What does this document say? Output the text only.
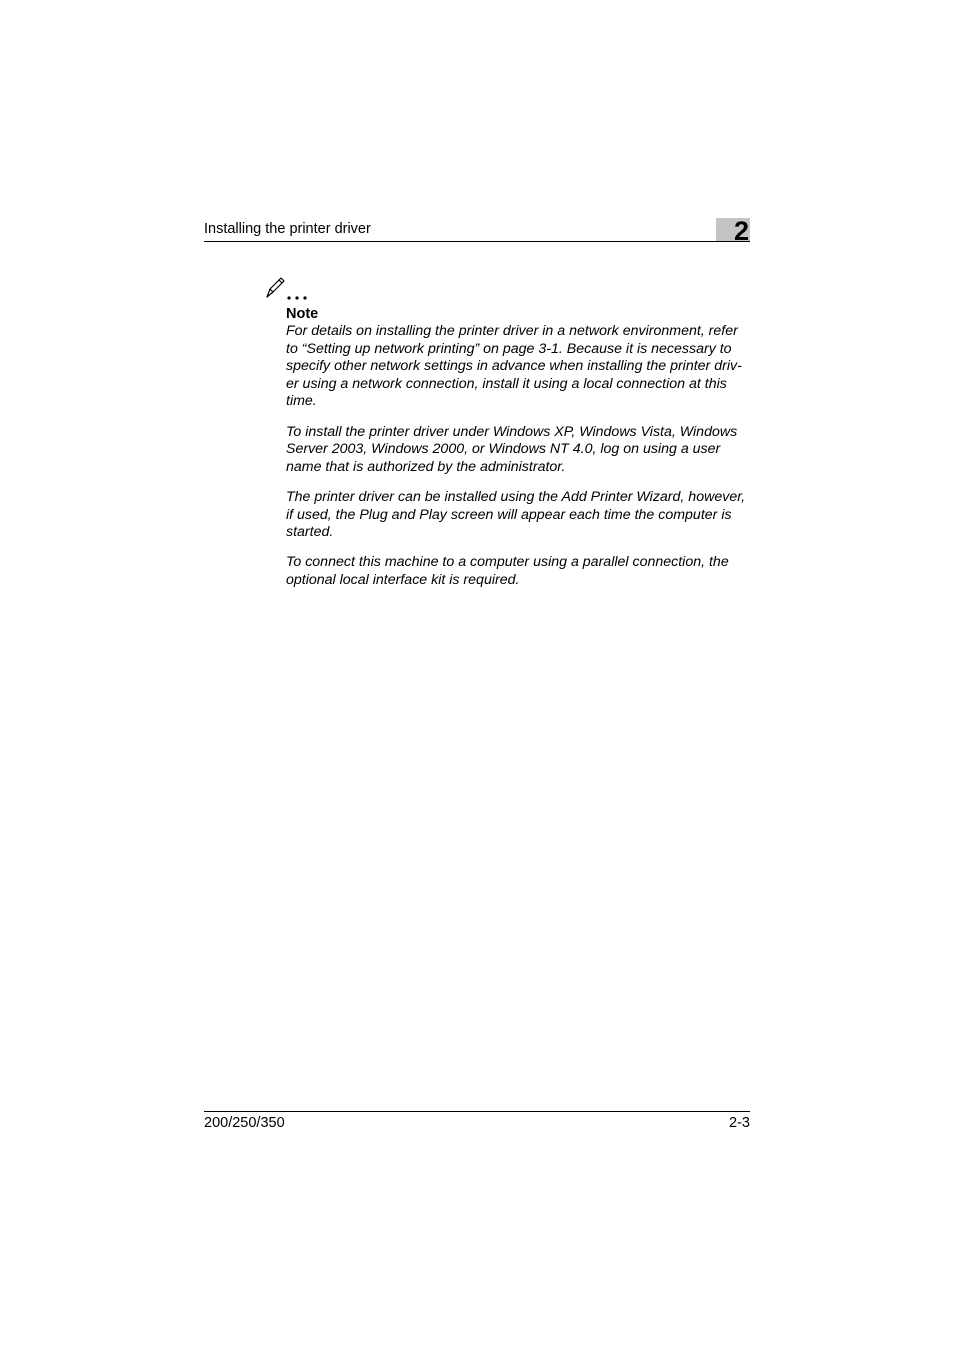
Installing the printer driver	2
Note

For details on installing the printer driver in a network environment, refer to “Setting up network printing” on page 3-1. Because it is necessary to specify other network settings in advance when installing the printer driv-er using a network connection, install it using a local connection at this time.

To install the printer driver under Windows XP, Windows Vista, Windows Server 2003, Windows 2000, or Windows NT 4.0, log on using a user name that is authorized by the administrator.

The printer driver can be installed using the Add Printer Wizard, however, if used, the Plug and Play screen will appear each time the computer is started.

To connect this machine to a computer using a parallel connection, the optional local interface kit is required.

200/250/350	2-3
